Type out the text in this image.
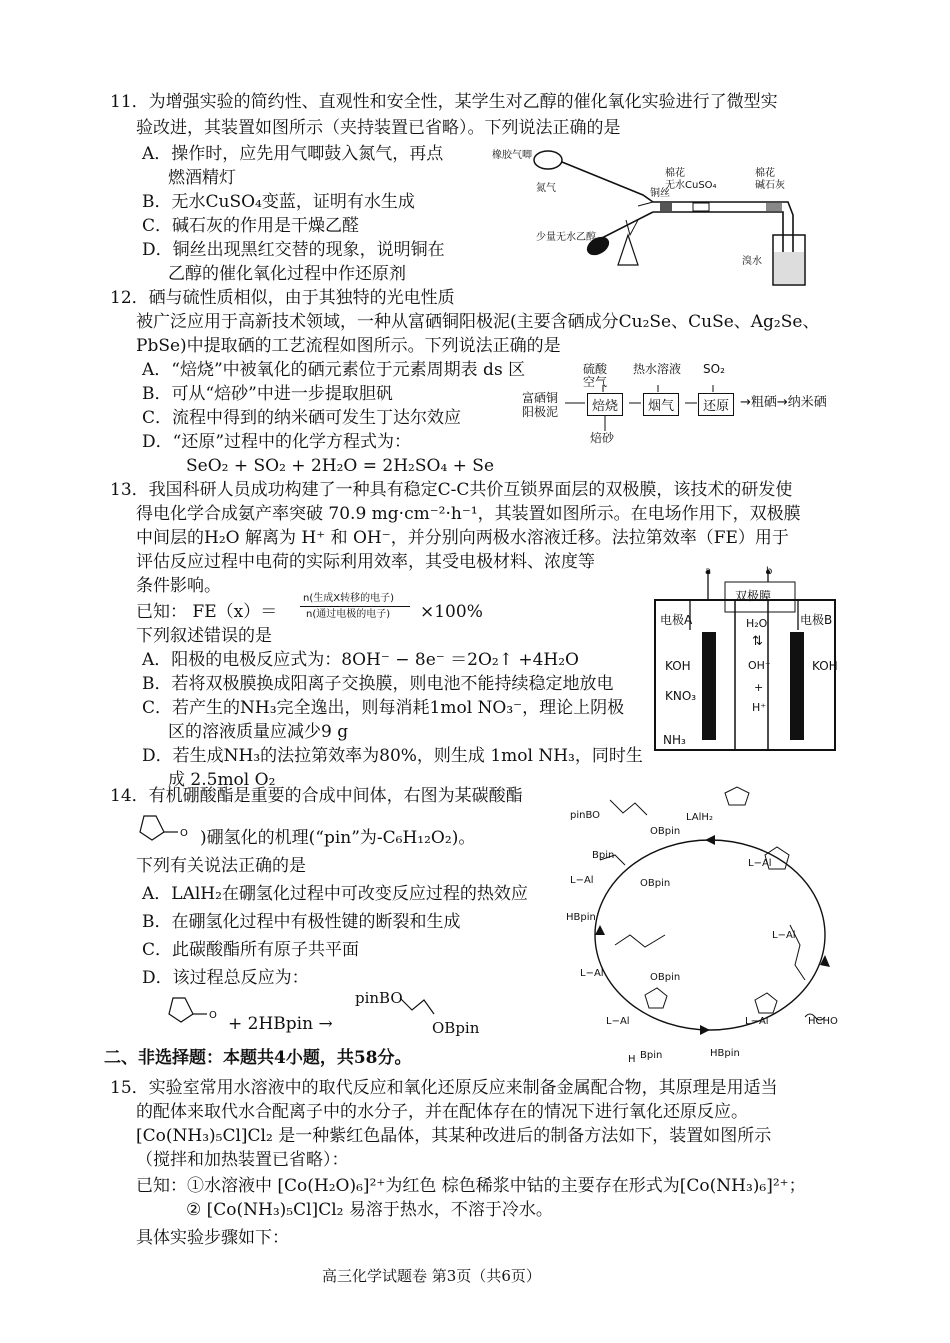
11．为增强实验的简约性、直观性和安全性，某学生对乙醇的催化氧化实验进行了微型实
验改进，其装置如图所示（夹持装置已省略）。下列说法正确的是
A．操作时，应先用气唧鼓入氮气，再点
燃酒精灯
B．无水CuSO₄变蓝，证明有水生成
C．碱石灰的作用是干燥乙醛
D．铜丝出现黑红交替的现象，说明铜在
乙醇的催化氧化过程中作还原剂
橡胶气唧
氮气
棉花
无水CuSO₄
棉花
碱石灰
铜丝
少量无水乙醇
溴水
12．硒与硫性质相似，由于其独特的光电性质
被广泛应用于高新技术领域，一种从富硒铜阳极泥(主要含硒成分Cu₂Se、CuSe、Ag₂Se、
PbSe)中提取硒的工艺流程如图所示。下列说法正确的是
A．“焙烧”中被氧化的硒元素位于元素周期表 ds 区
B．可从“焙砂”中进一步提取胆矾
C．流程中得到的纳米硒可发生丁达尔效应
D．“还原”过程中的化学方程式为：
SeO₂ + SO₂ + 2H₂O = 2H₂SO₄ + Se
硫酸
空气
热水溶液 SO₂
富硒铜
阳极泥	焙烧	烟气	还原 →粗硒→纳米硒
焙砂
13．我国科研人员成功构建了一种具有稳定C-C共价互锁界面层的双极膜，该技术的研发使
得电化学合成氨产率突破 70.9 mg·cm⁻²·h⁻¹，其装置如图所示。在电场作用下，双极膜
中间层的H₂O 解离为 H⁺ 和 OH⁻，并分别向两极水溶液迁移。法拉第效率（FE）用于
评估反应过程中电荷的实际利用效率，其受电极材料、浓度等
条件影响。
已知： FE（x）＝
n(生成X转移的电子)
n(通过电极的电子) ×100%
下列叙述错误的是
A．阳极的电极反应式为：8OH⁻ − 8e⁻ ＝2O₂↑ +4H₂O
B．若将双极膜换成阳离子交换膜，则电池不能持续稳定地放电
C．若产生的NH₃完全逸出，则每消耗1mol NO₃⁻，理论上阴极
区的溶液质量应减少9 g
D．若生成NH₃的法拉第效率为80%，则生成 1mol NH₃，同时生
成 2.5mol O₂
a	b
双极膜
电极A	电极B
KOH
KNO₃
NH₃
H₂O
⇅
OH⁻
+
H⁺
KOH
14．有机硼酸酯是重要的合成中间体，右图为某碳酸酯
O )硼氢化的机理(“pin”为-C₆H₁₂O₂)。
下列有关说法正确的是
A．LAlH₂在硼氢化过程中可改变反应过程的热效应
B．在硼氢化过程中有极性键的断裂和生成
C．此碳酸酯所有原子共平面
D．该过程总反应为：
O + 2HBpin →
pinBO
OBpin
pinBO
OBpin
LAlH₂
Bpin
L−Al	OBpin
HBpin
L−Al
L−Al
L−Al	OBpin
L−Al	L−Al	HCHO
HBpin
Bpin
H
二、非选择题：本题共4小题，共58分。
15．实验室常用水溶液中的取代反应和氧化还原反应来制备金属配合物，其原理是用适当
的配体来取代水合配离子中的水分子，并在配体存在的情况下进行氧化还原反应。
[Co(NH₃)₅Cl]Cl₂ 是一种紫红色晶体，其某种改进后的制备方法如下，装置如图所示
（搅拌和加热装置已省略）：
已知：①水溶液中 [Co(H₂O)₆]²⁺为红色 棕色稀浆中钴的主要存在形式为[Co(NH₃)₆]²⁺；
② [Co(NH₃)₅Cl]Cl₂ 易溶于热水，不溶于冷水。
具体实验步骤如下：
高三化学试题卷 第3页（共6页）
